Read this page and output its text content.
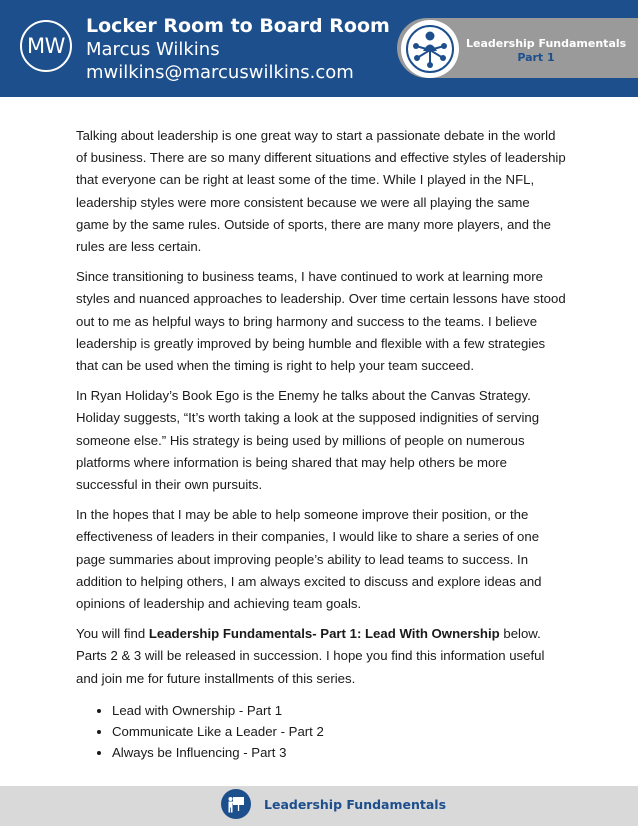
MW
Locker Room to Board Room
Marcus Wilkins
mwilkins@marcuswilkins.com
Leadership Fundamentals
Part 1

Talking about leadership is one great way to start a passionate debate in the world of business. There are so many different situations and effective styles of leadership that everyone can be right at least some of the time. While I played in the NFL, leadership styles were more consistent because we were all playing the same game by the same rules. Outside of sports, there are many more players, and the rules are less certain.

Since transitioning to business teams, I have continued to work at learning more styles and nuanced approaches to leadership. Over time certain lessons have stood out to me as helpful ways to bring harmony and success to the teams. I believe leadership is greatly improved by being humble and flexible with a few strategies that can be used when the timing is right to help your team succeed.

In Ryan Holiday’s Book Ego is the Enemy he talks about the Canvas Strategy. Holiday suggests, “It’s worth taking a look at the supposed indignities of serving someone else.” His strategy is being used by millions of people on numerous platforms where information is being shared that may help others be more successful in their own pursuits.

In the hopes that I may be able to help someone improve their position, or the effectiveness of leaders in their companies, I would like to share a series of one page summaries about improving people’s ability to lead teams to success. In addition to helping others, I am always excited to discuss and explore ideas and opinions of leadership and achieving team goals.

You will find Leadership Fundamentals- Part 1: Lead With Ownership below. Parts 2 & 3 will be released in succession. I hope you find this information useful and join me for future installments of this series.

• Lead with Ownership - Part 1
• Communicate Like a Leader - Part 2
• Always be Influencing - Part 3
Leadership Fundamentals
